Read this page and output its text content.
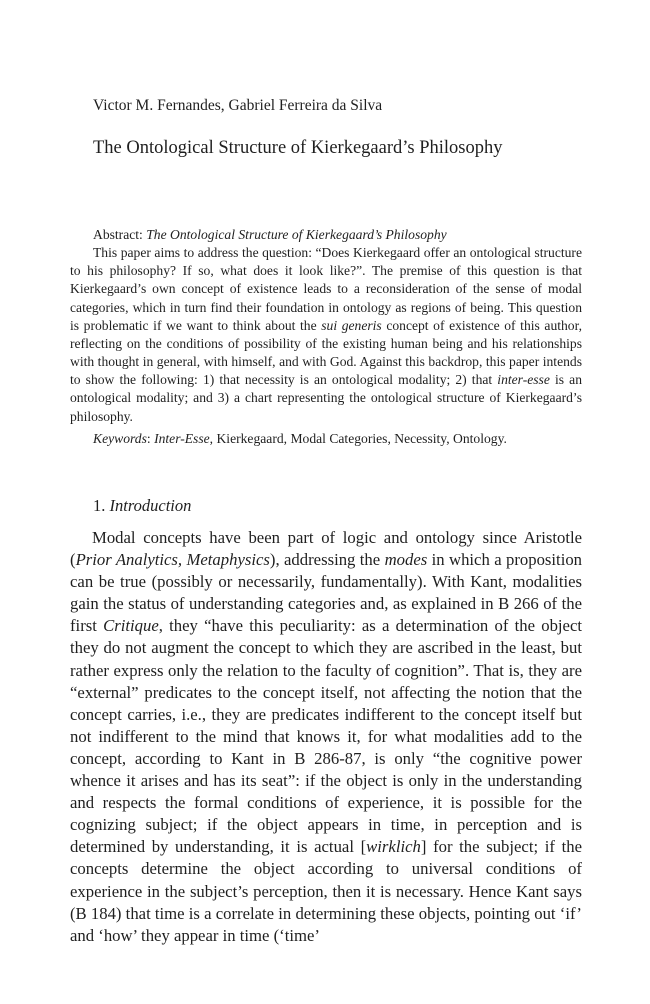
Victor M. Fernandes, Gabriel Ferreira da Silva
The Ontological Structure of Kierkegaard’s Philosophy
Abstract: The Ontological Structure of Kierkegaard’s Philosophy

This paper aims to address the question: “Does Kierkegaard offer an ontological structure to his philosophy? If so, what does it look like?”. The premise of this question is that Kierkegaard’s own concept of existence leads to a reconsideration of the sense of modal categories, which in turn find their foundation in ontology as regions of being. This question is problematic if we want to think about the sui generis concept of existence of this author, reflecting on the conditions of possibility of the existing human being and his relationships with thought in general, with himself, and with God. Against this backdrop, this paper intends to show the following: 1) that necessity is an ontological modality; 2) that inter-esse is an ontological modality; and 3) a chart representing the ontological structure of Kierkegaard’s philosophy.

Keywords: Inter-Esse, Kierkegaard, Modal Categories, Necessity, Ontology.
1. Introduction

Modal concepts have been part of logic and ontology since Aristotle (Prior Analytics, Metaphysics), addressing the modes in which a proposition can be true (possibly or necessarily, fundamentally). With Kant, modalities gain the status of understanding categories and, as explained in B 266 of the first Critique, they “have this peculiarity: as a determination of the object they do not augment the concept to which they are ascribed in the least, but rather express only the relation to the faculty of cognition”. That is, they are “external” predicates to the concept itself, not affecting the notion that the concept carries, i.e., they are predicates indifferent to the concept itself but not indifferent to the mind that knows it, for what modalities add to the concept, according to Kant in B 286-87, is only “the cognitive power whence it arises and has its seat”: if the object is only in the understanding and respects the formal conditions of experience, it is possible for the cognizing subject; if the object appears in time, in perception and is determined by understanding, it is actual [wirklich] for the subject; if the concepts determine the object according to universal conditions of experience in the subject’s perception, then it is necessary. Hence Kant says (B 184) that time is a correlate in determining these objects, pointing out ‘if’ and ‘how’ they appear in time (‘time’
